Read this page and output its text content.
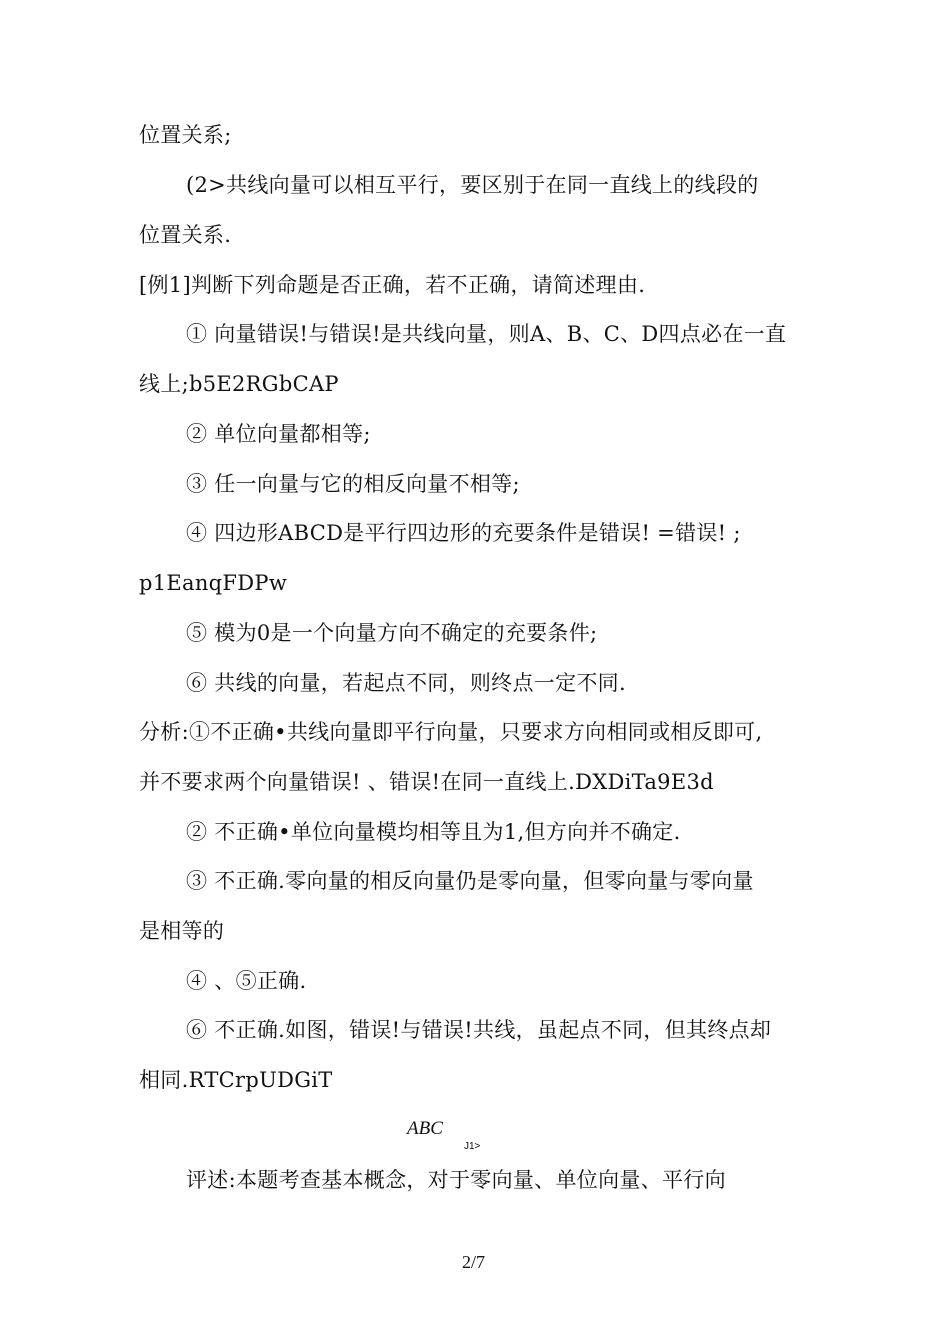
位置关系;
(2>共线向量可以相互平行，要区别于在同一直线上的线段的
位置关系.
[例1]判断下列命题是否正确，若不正确，请简述理由.
① 向量错误!与错误!是共线向量，则A、B、C、D四点必在一直
线上;b5E2RGbCAP
② 单位向量都相等;
③ 任一向量与它的相反向量不相等;
④ 四边形ABCD是平行四边形的充要条件是错误! =错误! ;
p1EanqFDPw
⑤ 模为0是一个向量方向不确定的充要条件;
⑥ 共线的向量，若起点不同，则终点一定不同.
分析:①不正确•共线向量即平行向量，只要求方向相同或相反即可,
并不要求两个向量错误! 、错误!在同一直线上.DXDiTa9E3d
② 不正确•单位向量模均相等且为1,但方向并不确定.
③ 不正确.零向量的相反向量仍是零向量，但零向量与零向量
是相等的
④ 、⑤正确.
⑥ 不正确.如图，错误!与错误!共线，虽起点不同，但其终点却
相同.RTCrpUDGiT
ABC
J1>
评述:本题考查基本概念，对于零向量、单位向量、平行向
2/7
